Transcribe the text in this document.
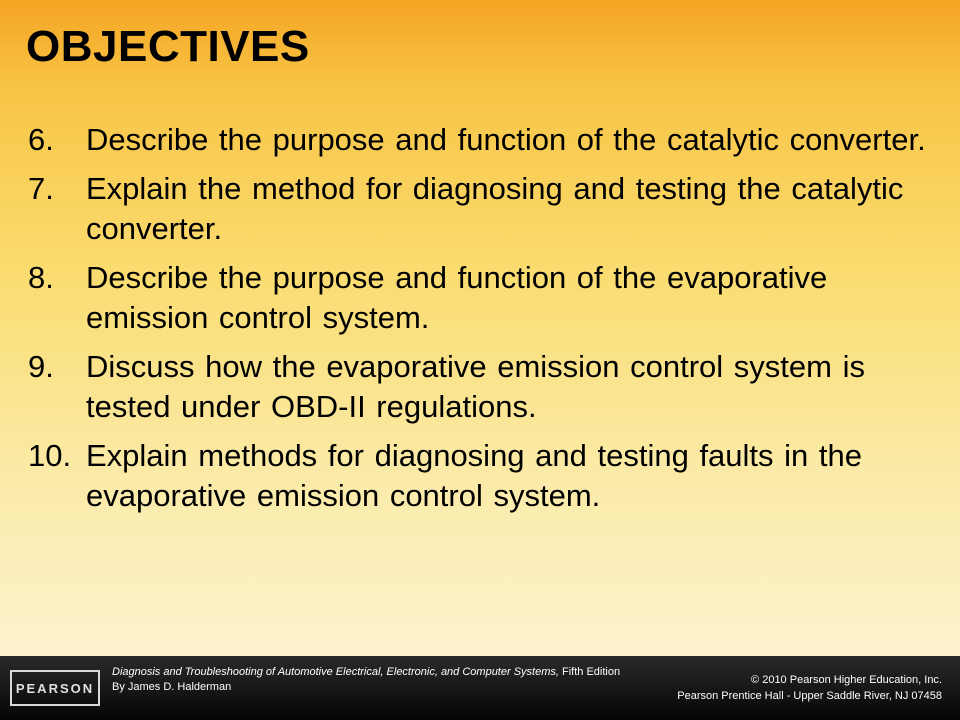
OBJECTIVES
6. Describe the purpose and function of the catalytic converter.
7. Explain the method for diagnosing and testing the catalytic converter.
8. Describe the purpose and function of the evaporative emission control system.
9. Discuss how the evaporative emission control system is tested under OBD-II regulations.
10. Explain methods for diagnosing and testing faults in the evaporative emission control system.
PEARSON
Diagnosis and Troubleshooting of Automotive Electrical, Electronic, and Computer Systems, Fifth Edition
By James D. Halderman
© 2010 Pearson Higher Education, Inc.
Pearson Prentice Hall - Upper Saddle River, NJ 07458
